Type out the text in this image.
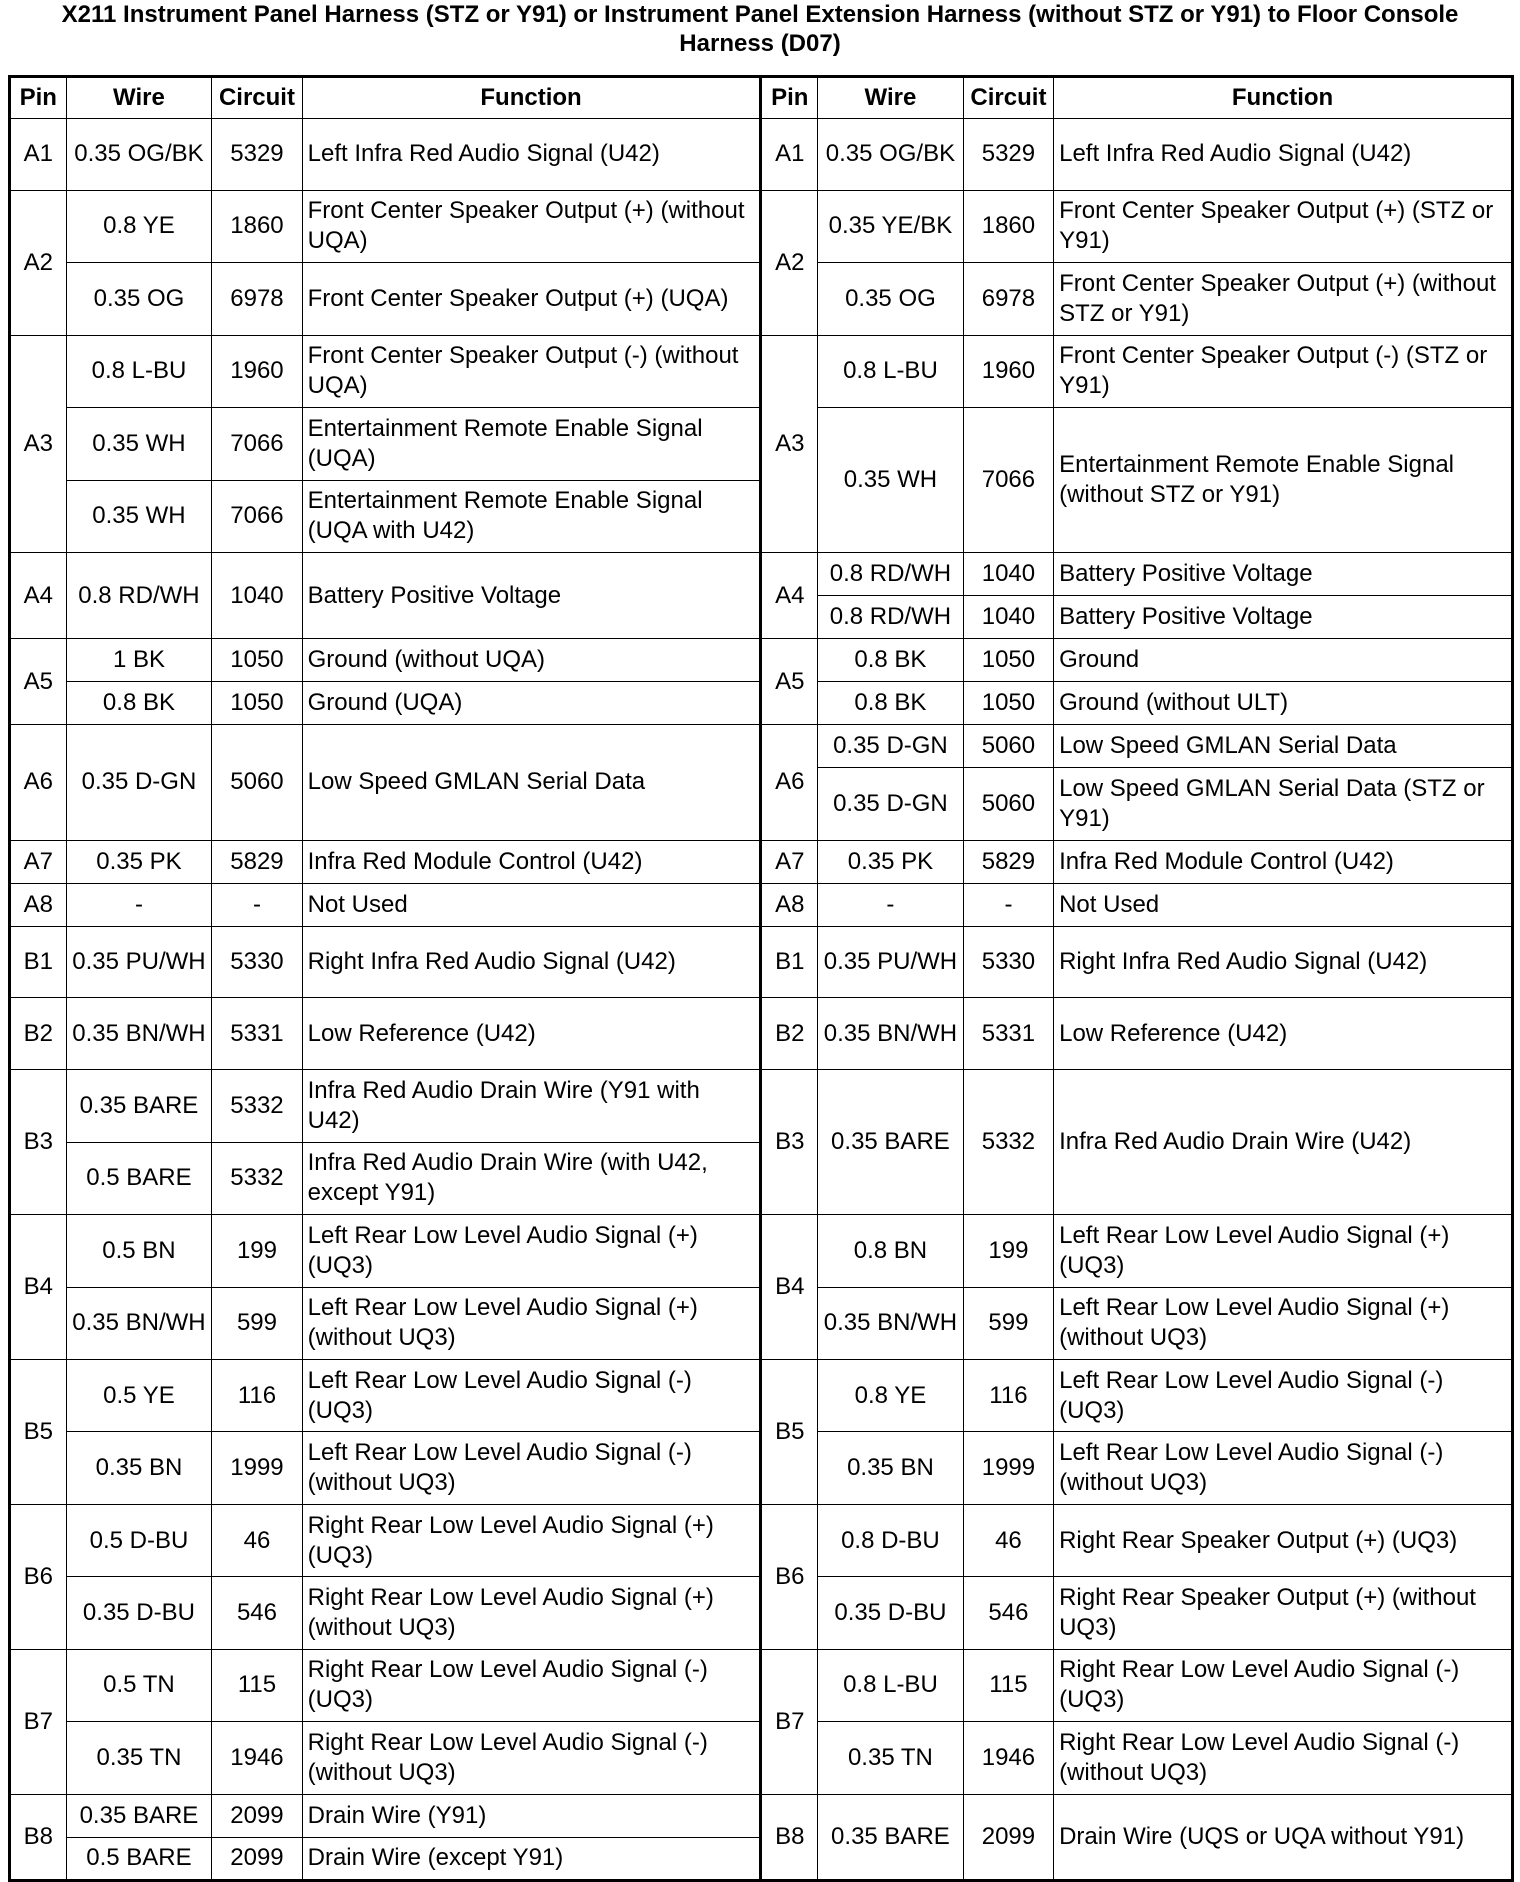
X211 Instrument Panel Harness (STZ or Y91) or Instrument Panel Extension Harness (without STZ or Y91) to Floor Console
Harness (D07)
Pin	Wire	Circuit	Function	Pin	Wire	Circuit	Function
A1	0.35 OG/BK	5329	Left Infra Red Audio Signal (U42)	A1	0.35 OG/BK	5329	Left Infra Red Audio Signal (U42)
A2	0.8 YE	1860	Front Center Speaker Output (+) (without UQA)	A2	0.35 YE/BK	1860	Front Center Speaker Output (+) (STZ or Y91)
	0.35 OG	6978	Front Center Speaker Output (+) (UQA)		0.35 OG	6978	Front Center Speaker Output (+) (without STZ or Y91)
A3	0.8 L-BU	1960	Front Center Speaker Output (-) (without UQA)	A3	0.8 L-BU	1960	Front Center Speaker Output (-) (STZ or Y91)
	0.35 WH	7066	Entertainment Remote Enable Signal (UQA)		0.35 WH	7066	Entertainment Remote Enable Signal (without STZ or Y91)
	0.35 WH	7066	Entertainment Remote Enable Signal (UQA with U42)				
A4	0.8 RD/WH	1040	Battery Positive Voltage	A4	0.8 RD/WH	1040	Battery Positive Voltage
					0.8 RD/WH	1040	Battery Positive Voltage
A5	1 BK	1050	Ground (without UQA)	A5	0.8 BK	1050	Ground
	0.8 BK	1050	Ground (UQA)		0.8 BK	1050	Ground (without ULT)
A6	0.35 D-GN	5060	Low Speed GMLAN Serial Data	A6	0.35 D-GN	5060	Low Speed GMLAN Serial Data
					0.35 D-GN	5060	Low Speed GMLAN Serial Data (STZ or Y91)
A7	0.35 PK	5829	Infra Red Module Control (U42)	A7	0.35 PK	5829	Infra Red Module Control (U42)
A8	-	-	Not Used	A8	-	-	Not Used
B1	0.35 PU/WH	5330	Right Infra Red Audio Signal (U42)	B1	0.35 PU/WH	5330	Right Infra Red Audio Signal (U42)
B2	0.35 BN/WH	5331	Low Reference (U42)	B2	0.35 BN/WH	5331	Low Reference (U42)
B3	0.35 BARE	5332	Infra Red Audio Drain Wire (Y91 with U42)	B3	0.35 BARE	5332	Infra Red Audio Drain Wire (U42)
	0.5 BARE	5332	Infra Red Audio Drain Wire (with U42, except Y91)				
B4	0.5 BN	199	Left Rear Low Level Audio Signal (+) (UQ3)	B4	0.8 BN	199	Left Rear Low Level Audio Signal (+) (UQ3)
	0.35 BN/WH	599	Left Rear Low Level Audio Signal (+) (without UQ3)		0.35 BN/WH	599	Left Rear Low Level Audio Signal (+) (without UQ3)
B5	0.5 YE	116	Left Rear Low Level Audio Signal (-) (UQ3)	B5	0.8 YE	116	Left Rear Low Level Audio Signal (-) (UQ3)
	0.35 BN	1999	Left Rear Low Level Audio Signal (-) (without UQ3)		0.35 BN	1999	Left Rear Low Level Audio Signal (-) (without UQ3)
B6	0.5 D-BU	46	Right Rear Low Level Audio Signal (+) (UQ3)	B6	0.8 D-BU	46	Right Rear Speaker Output (+) (UQ3)
	0.35 D-BU	546	Right Rear Low Level Audio Signal (+) (without UQ3)		0.35 D-BU	546	Right Rear Speaker Output (+) (without UQ3)
B7	0.5 TN	115	Right Rear Low Level Audio Signal (-) (UQ3)	B7	0.8 L-BU	115	Right Rear Low Level Audio Signal (-) (UQ3)
	0.35 TN	1946	Right Rear Low Level Audio Signal (-) (without UQ3)		0.35 TN	1946	Right Rear Low Level Audio Signal (-) (without UQ3)
B8	0.35 BARE	2099	Drain Wire (Y91)	B8	0.35 BARE	2099	Drain Wire (UQS or UQA without Y91)
	0.5 BARE	2099	Drain Wire (except Y91)				
